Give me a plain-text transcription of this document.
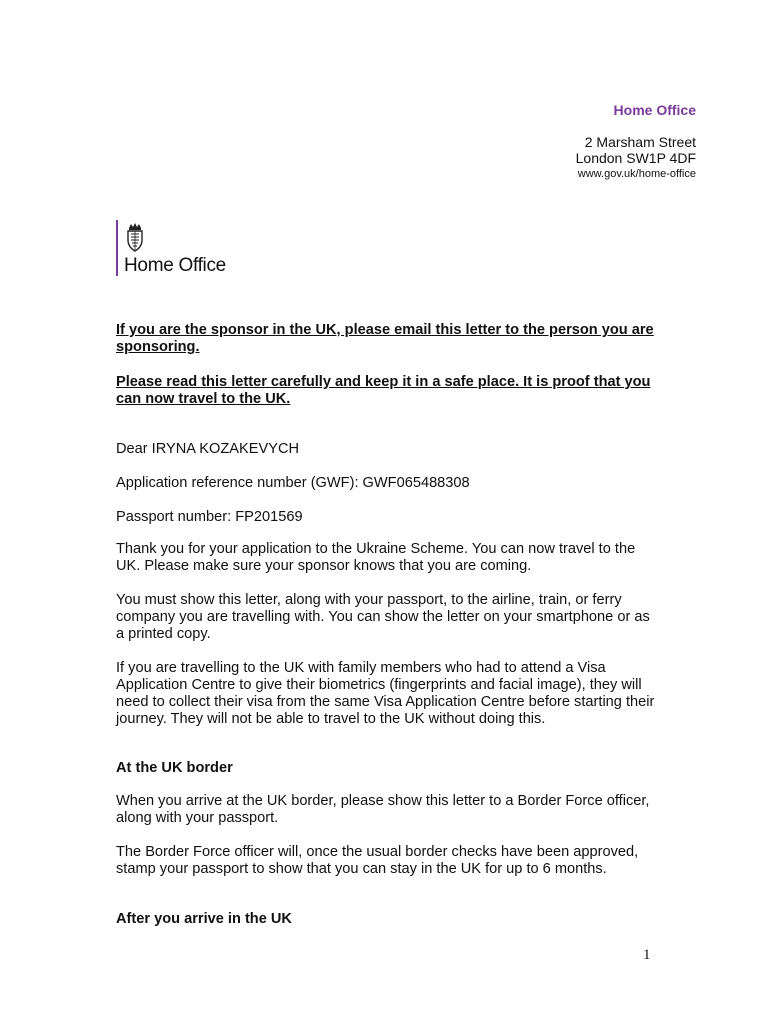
Home Office
2 Marsham Street
London SW1P 4DF
www.gov.uk/home-office
Home Office
If you are the sponsor in the UK, please email this letter to the person you are sponsoring.
Please read this letter carefully and keep it in a safe place. It is proof that you can now travel to the UK.
Dear IRYNA KOZAKEVYCH
Application reference number (GWF): GWF065488308
Passport number: FP201569
Thank you for your application to the Ukraine Scheme. You can now travel to the UK. Please make sure your sponsor knows that you are coming.
You must show this letter, along with your passport, to the airline, train, or ferry company you are travelling with. You can show the letter on your smartphone or as a printed copy.
If you are travelling to the UK with family members who had to attend a Visa Application Centre to give their biometrics (fingerprints and facial image), they will need to collect their visa from the same Visa Application Centre before starting their journey. They will not be able to travel to the UK without doing this.
At the UK border
When you arrive at the UK border, please show this letter to a Border Force officer, along with your passport.
The Border Force officer will, once the usual border checks have been approved, stamp your passport to show that you can stay in the UK for up to 6 months.
After you arrive in the UK
1
